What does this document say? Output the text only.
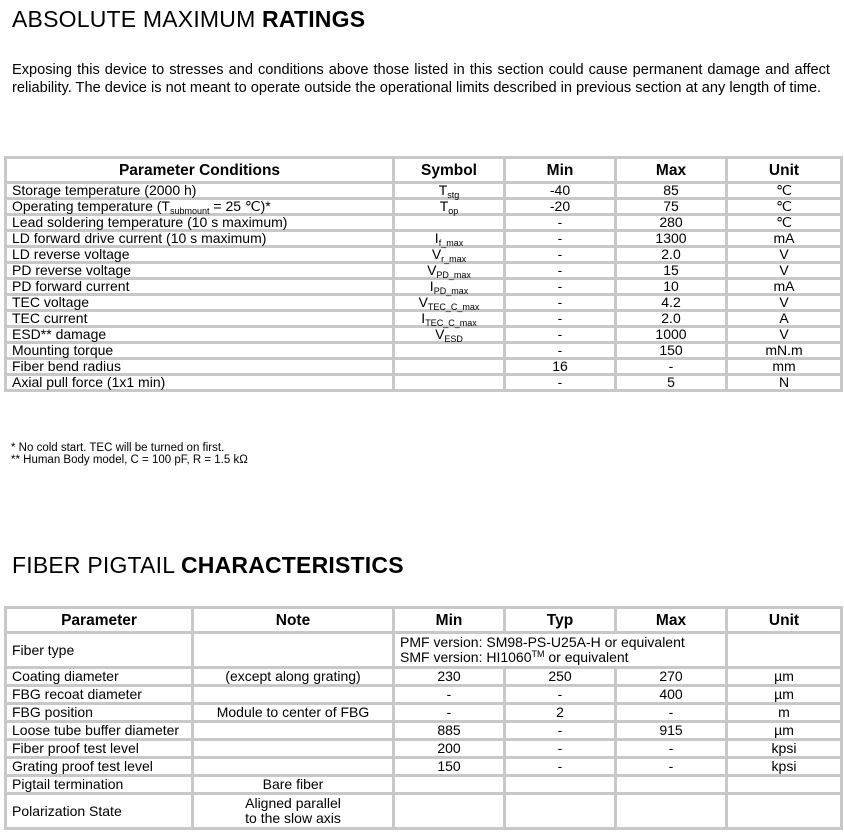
ABSOLUTE MAXIMUM RATINGS

Exposing this device to stresses and conditions above those listed in this section could cause permanent damage and affect reliability. The device is not meant to operate outside the operational limits described in previous section at any length of time.

Parameter Conditions	Symbol	Min	Max	Unit
Storage temperature (2000 h)	$T_{stg}$	-40	85	℃
Operating temperature ($T_{submount} = 25$ ℃)*	$T_{op}$	-20	75	℃
Lead soldering temperature (10 s maximum)		-	280	℃
LD forward drive current (10 s maximum)	$I_{f\_max}$	-	1300	mA
LD reverse voltage	$V_{r\_max}$	-	2.0	V
PD reverse voltage	$V_{PD\_max}$	-	15	V
PD forward current	$I_{PD\_max}$	-	10	mA
TEC voltage	$V_{TEC\_C\_max}$	-	4.2	V
TEC current	$I_{TEC\_C\_max}$	-	2.0	A
ESD** damage	$V_{ESD}$	-	1000	V
Mounting torque		-	150	mN.m
Fiber bend radius		16	-	mm
Axial pull force (1x1 min)		-	5	N
* No cold start. TEC will be turned on first.
** Human Body model, C = 100 pF, R = 1.5 kΩ
FIBER PIGTAIL CHARACTERISTICS
Parameter	Note	Min	Typ	Max	Unit
Fiber type		PMF version: SM98-PS-U25A-H or equivalent
SMF version: HI1060™ or equivalent			

Coating diameter	(except along grating)	230	250	270	µm
FBG recoat diameter		-	-	400	µm
FBG position	Module to center of FBG	-	2	-	m
Loose tube buffer diameter		885	-	915	µm
Fiber proof test level		200	-	-	kpsi
Grating proof test level		150	-	-	kpsi
Pigtail termination	Bare fiber				
Polarization State	Aligned parallel
to the slow axis				
